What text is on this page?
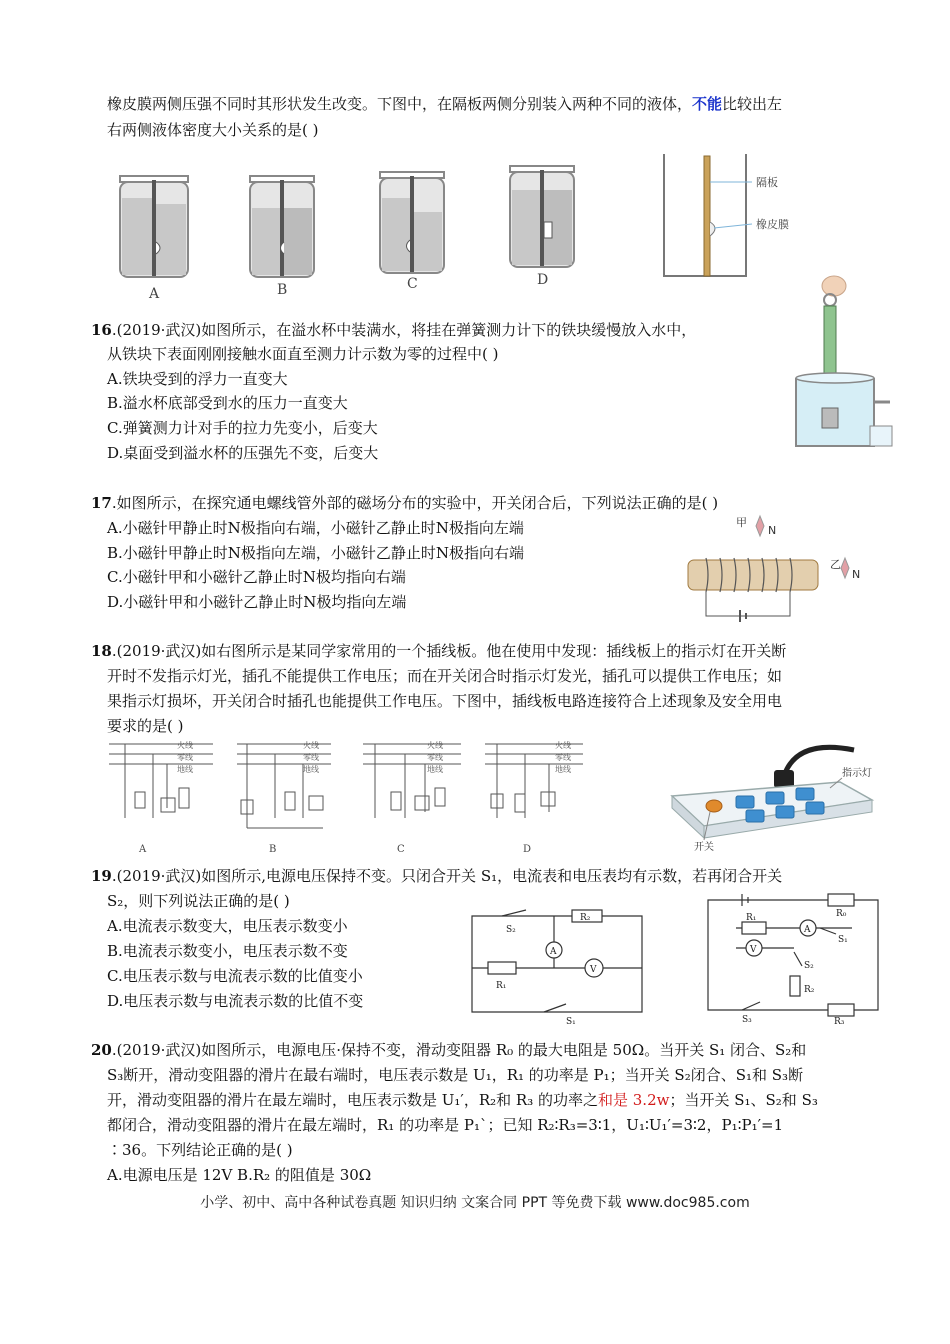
橡皮膜两侧压强不同时其形状发生改变。下图中，在隔板两侧分别装入两种不同的液体，不能比较出左
右两侧液体密度大小关系的是( )
A	B	C	D
隔板
橡皮膜
16.(2019·武汉)如图所示，在溢水杯中装满水，将挂在弹簧测力计下的铁块缓慢放入水中，
从铁块下表面刚刚接触水面直至测力计示数为零的过程中( )
A.铁块受到的浮力一直变大
B.溢水杯底部受到水的压力一直变大
C.弹簧测力计对手的拉力先变小，后变大
D.桌面受到溢水杯的压强先不变，后变大
17.如图所示，在探究通电螺线管外部的磁场分布的实验中，开关闭合后，下列说法正确的是( )
A.小磁针甲静止时N极指向右端，小磁针乙静止时N极指向左端
B.小磁针甲静止时N极指向左端，小磁针乙静止时N极指向右端
C.小磁针甲和小磁针乙静止时N极均指向右端
D.小磁针甲和小磁针乙静止时N极均指向左端
甲
N
乙
N
18.(2019·武汉)如右图所示是某同学家常用的一个插线板。他在使用中发现：插线板上的指示灯在开关断
开时不发指示灯光，插孔不能提供工作电压；而在开关闭合时指示灯发光，插孔可以提供工作电压；如
果指示灯损坏，开关闭合时插孔也能提供工作电压。下图中，插线板电路连接符合上述现象及安全用电
要求的是( )
火线
零线
地线
火线
零线
地线
火线
零线
地线
火线
零线
地线
A	B	C	D
指示灯
开关
19.(2019·武汉)如图所示,电源电压保持不变。只闭合开关 S₁，电流表和电压表均有示数，若再闭合开关
S₂，则下列说法正确的是( )
A.电流表示数变大，电压表示数变小
B.电流表示数变小，电压表示数不变
C.电压表示数与电流表示数的比值变小
D.电压表示数与电流表示数的比值不变
S₂
R₂
A
V
R₁
S₁
R₀
R₁
A
S₁
V
S₂
R₂
S₃	R₃
20.(2019·武汉)如图所示，电源电压·保持不变，滑动变阻器 R₀ 的最大电阻是 50Ω。当开关 S₁ 闭合、S₂和
S₃断开，滑动变阻器的滑片在最右端时，电压表示数是 U₁，R₁ 的功率是 P₁；当开关 S₂闭合、S₁和 S₃断
开，滑动变阻器的滑片在最左端时，电压表示数是 U₁′，R₂和 R₃ 的功率之和是 3.2w；当开关 S₁、S₂和 S₃
都闭合，滑动变阻器的滑片在最左端时，R₁ 的功率是 P₁`；已知 R₂∶R₃=3∶1，U₁∶U₁′=3∶2，P₁∶P₁′=1
∶36。下列结论正确的是( )
A.电源电压是 12V B.R₂ 的阻值是 30Ω
小学、初中、高中各种试卷真题 知识归纳 文案合同 PPT 等免费下载 www.doc985.com
